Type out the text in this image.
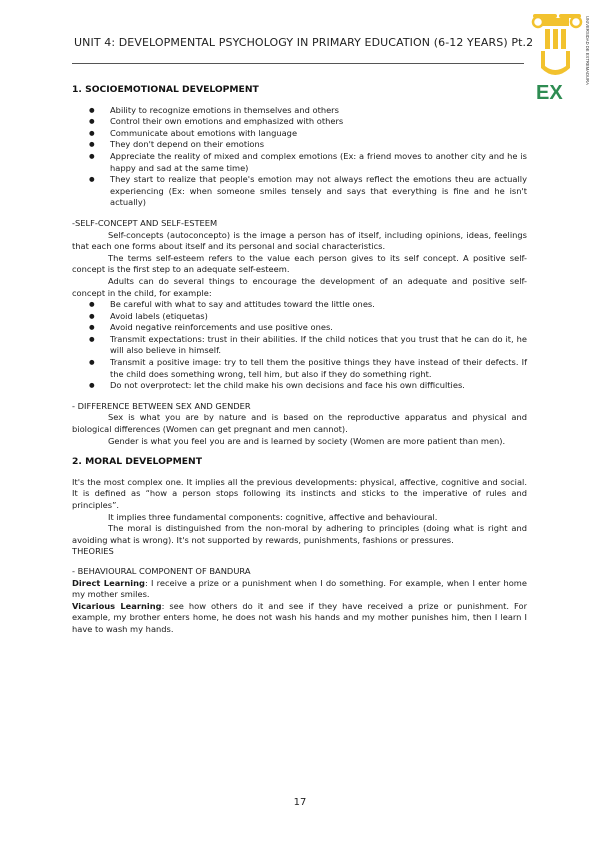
UNIT 4: DEVELOPMENTAL PSYCHOLOGY IN PRIMARY EDUCATION (6-12 YEARS) Pt.2
EX
UNIVERSIDAD DE EXTREMADURA
1. SOCIOEMOTIONAL DEVELOPMENT
● Ability to recognize emotions in themselves and others
● Control their own emotions and emphasized with others
● Communicate about emotions with language
● They don't depend on their emotions
● Appreciate the reality of mixed and complex emotions (Ex: a friend moves to another city and he is happy and sad at the same time)
● They start to realize that people's emotion may not always reflect the emotions theu are actually experiencing (Ex: when someone smiles tensely and says that everything is fine and he isn't actually)

-SELF-CONCEPT AND SELF-ESTEEM

Self-concepts (autoconcepto) is the image a person has of itself, including opinions, ideas, feelings that each one forms about itself and its personal and social characteristics.

The terms self-esteem refers to the value each person gives to its self concept. A positive self-concept is the first step to an adequate self-esteem.

Adults can do several things to encourage the development of an adequate and positive self-concept in the child, for example:

● Be careful with what to say and attitudes toward the little ones.
● Avoid labels (etiquetas)
● Avoid negative reinforcements and use positive ones.
● Transmit expectations: trust in their abilities. If the child notices that you trust that he can do it, he will also believe in himself.
● Transmit a positive image: try to tell them the positive things they have instead of their defects. If the child does something wrong, tell him, but also if they do something right.
● Do not overprotect: let the child make his own decisions and face his own difficulties.

- DIFFERENCE BETWEEN SEX AND GENDER

Sex is what you are by nature and is based on the reproductive apparatus and physical and biological differences (Women can get pregnant and men cannot).

Gender is what you feel you are and is learned by society (Women are more patient than men).

2. MORAL DEVELOPMENT

It's the most complex one. It implies all the previous developments: physical, affective, cognitive and social. It is defined as “how a person stops following its instincts and sticks to the imperative of rules and principles”.

It implies three fundamental components: cognitive, affective and behavioural.

The moral is distinguished from the non-moral by adhering to principles (doing what is right and avoiding what is wrong). It's not supported by rewards, punishments, fashions or pressures.

THEORIES

- BEHAVIOURAL COMPONENT OF BANDURA

Direct Learning: I receive a prize or a punishment when I do something. For example, when I enter home my mother smiles.

Vicarious Learning: see how others do it and see if they have received a prize or punishment. For example, my brother enters home, he does not wash his hands and my mother punishes him, then I learn I have to wash my hands.

17
